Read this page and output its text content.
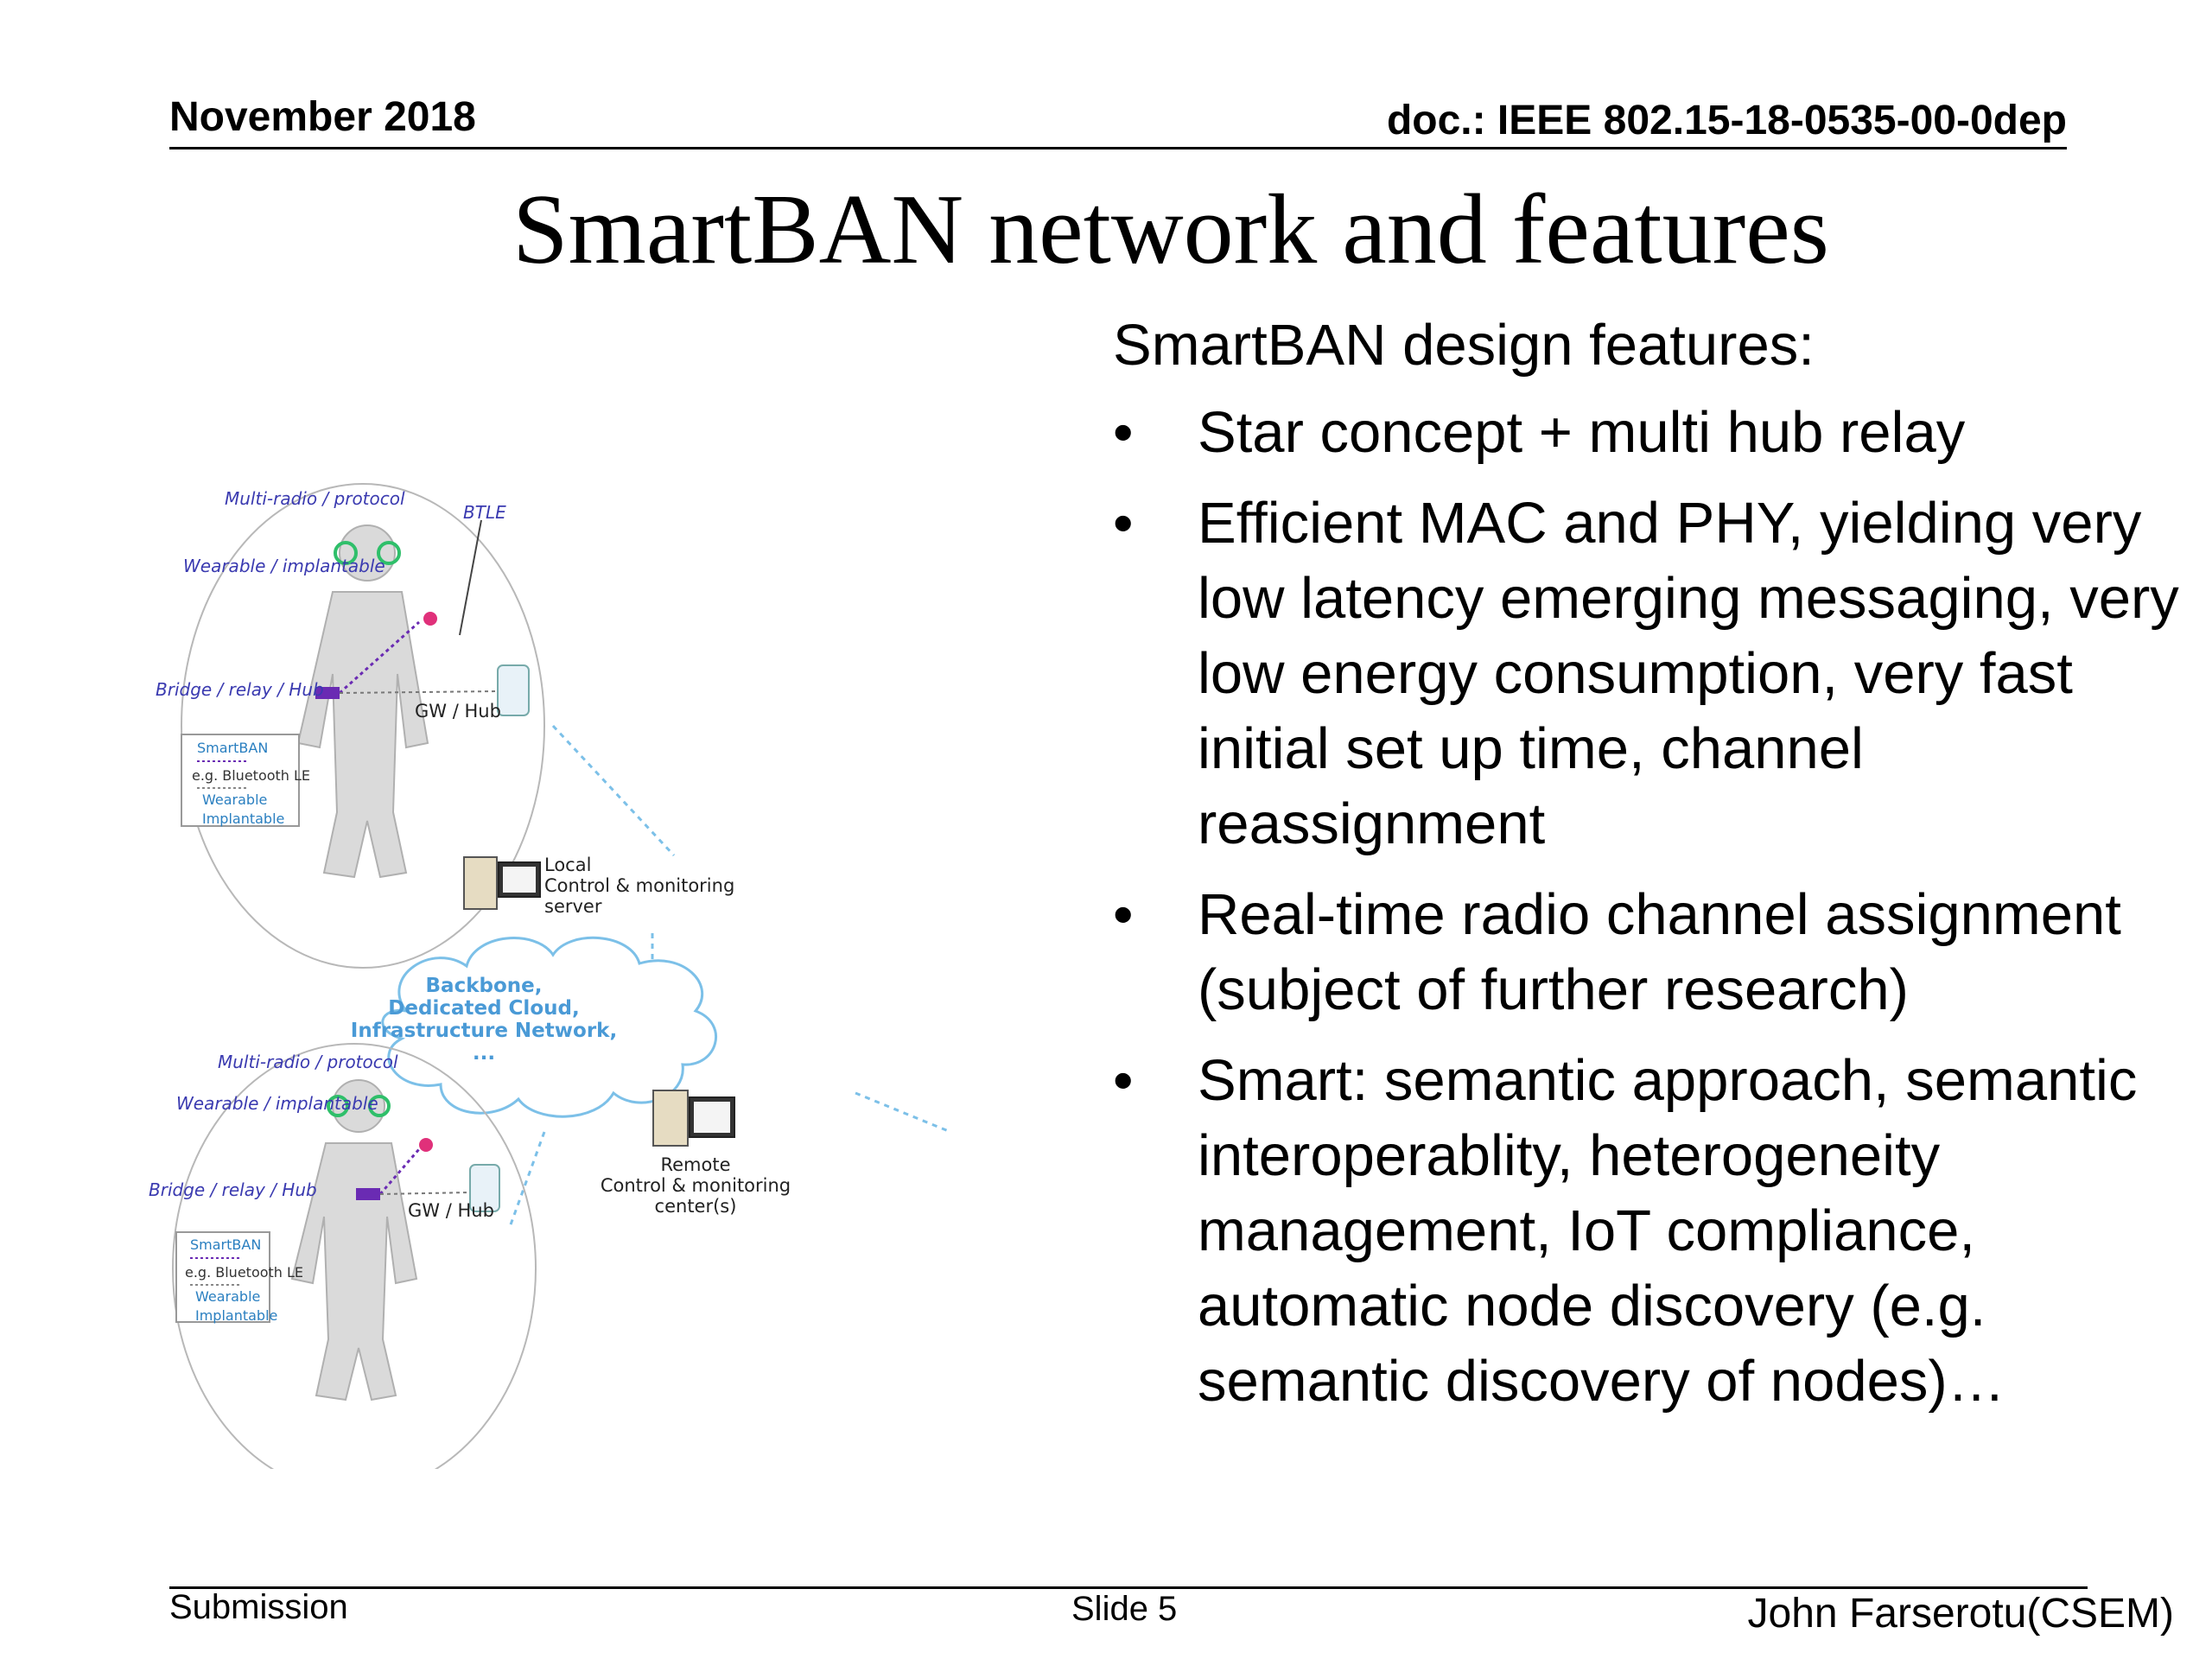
November 2018	doc.: IEEE 802.15-18-0535-00-0dep
SmartBAN network and features
Multi-radio / protocol
BTLE
Wearable / implantable
Bridge / relay / Hub
GW / Hub
SmartBAN
e.g. Bluetooth LE
Wearable
Implantable
Local
Control & monitoring
server
Backbone,
Dedicated Cloud,
Infrastructure Network,
...
Remote
Control & monitoring
center(s)
Multi-radio / protocol
Wearable / implantable
Bridge / relay / Hub
GW / Hub
SmartBAN
e.g. Bluetooth LE
Wearable
Implantable
SmartBAN design features:
• Star concept + multi hub relay
• Efficient MAC and PHY, yielding very low latency emerging messaging, very low energy consumption, very fast initial set up time, channel reassignment
• Real-time radio channel assignment (subject of further research)
• Smart: semantic approach, semantic interoperablity, heterogeneity management, IoT compliance, automatic node discovery (e.g. semantic discovery of nodes)…
Submission	Slide 5	John Farserotu(CSEM)
